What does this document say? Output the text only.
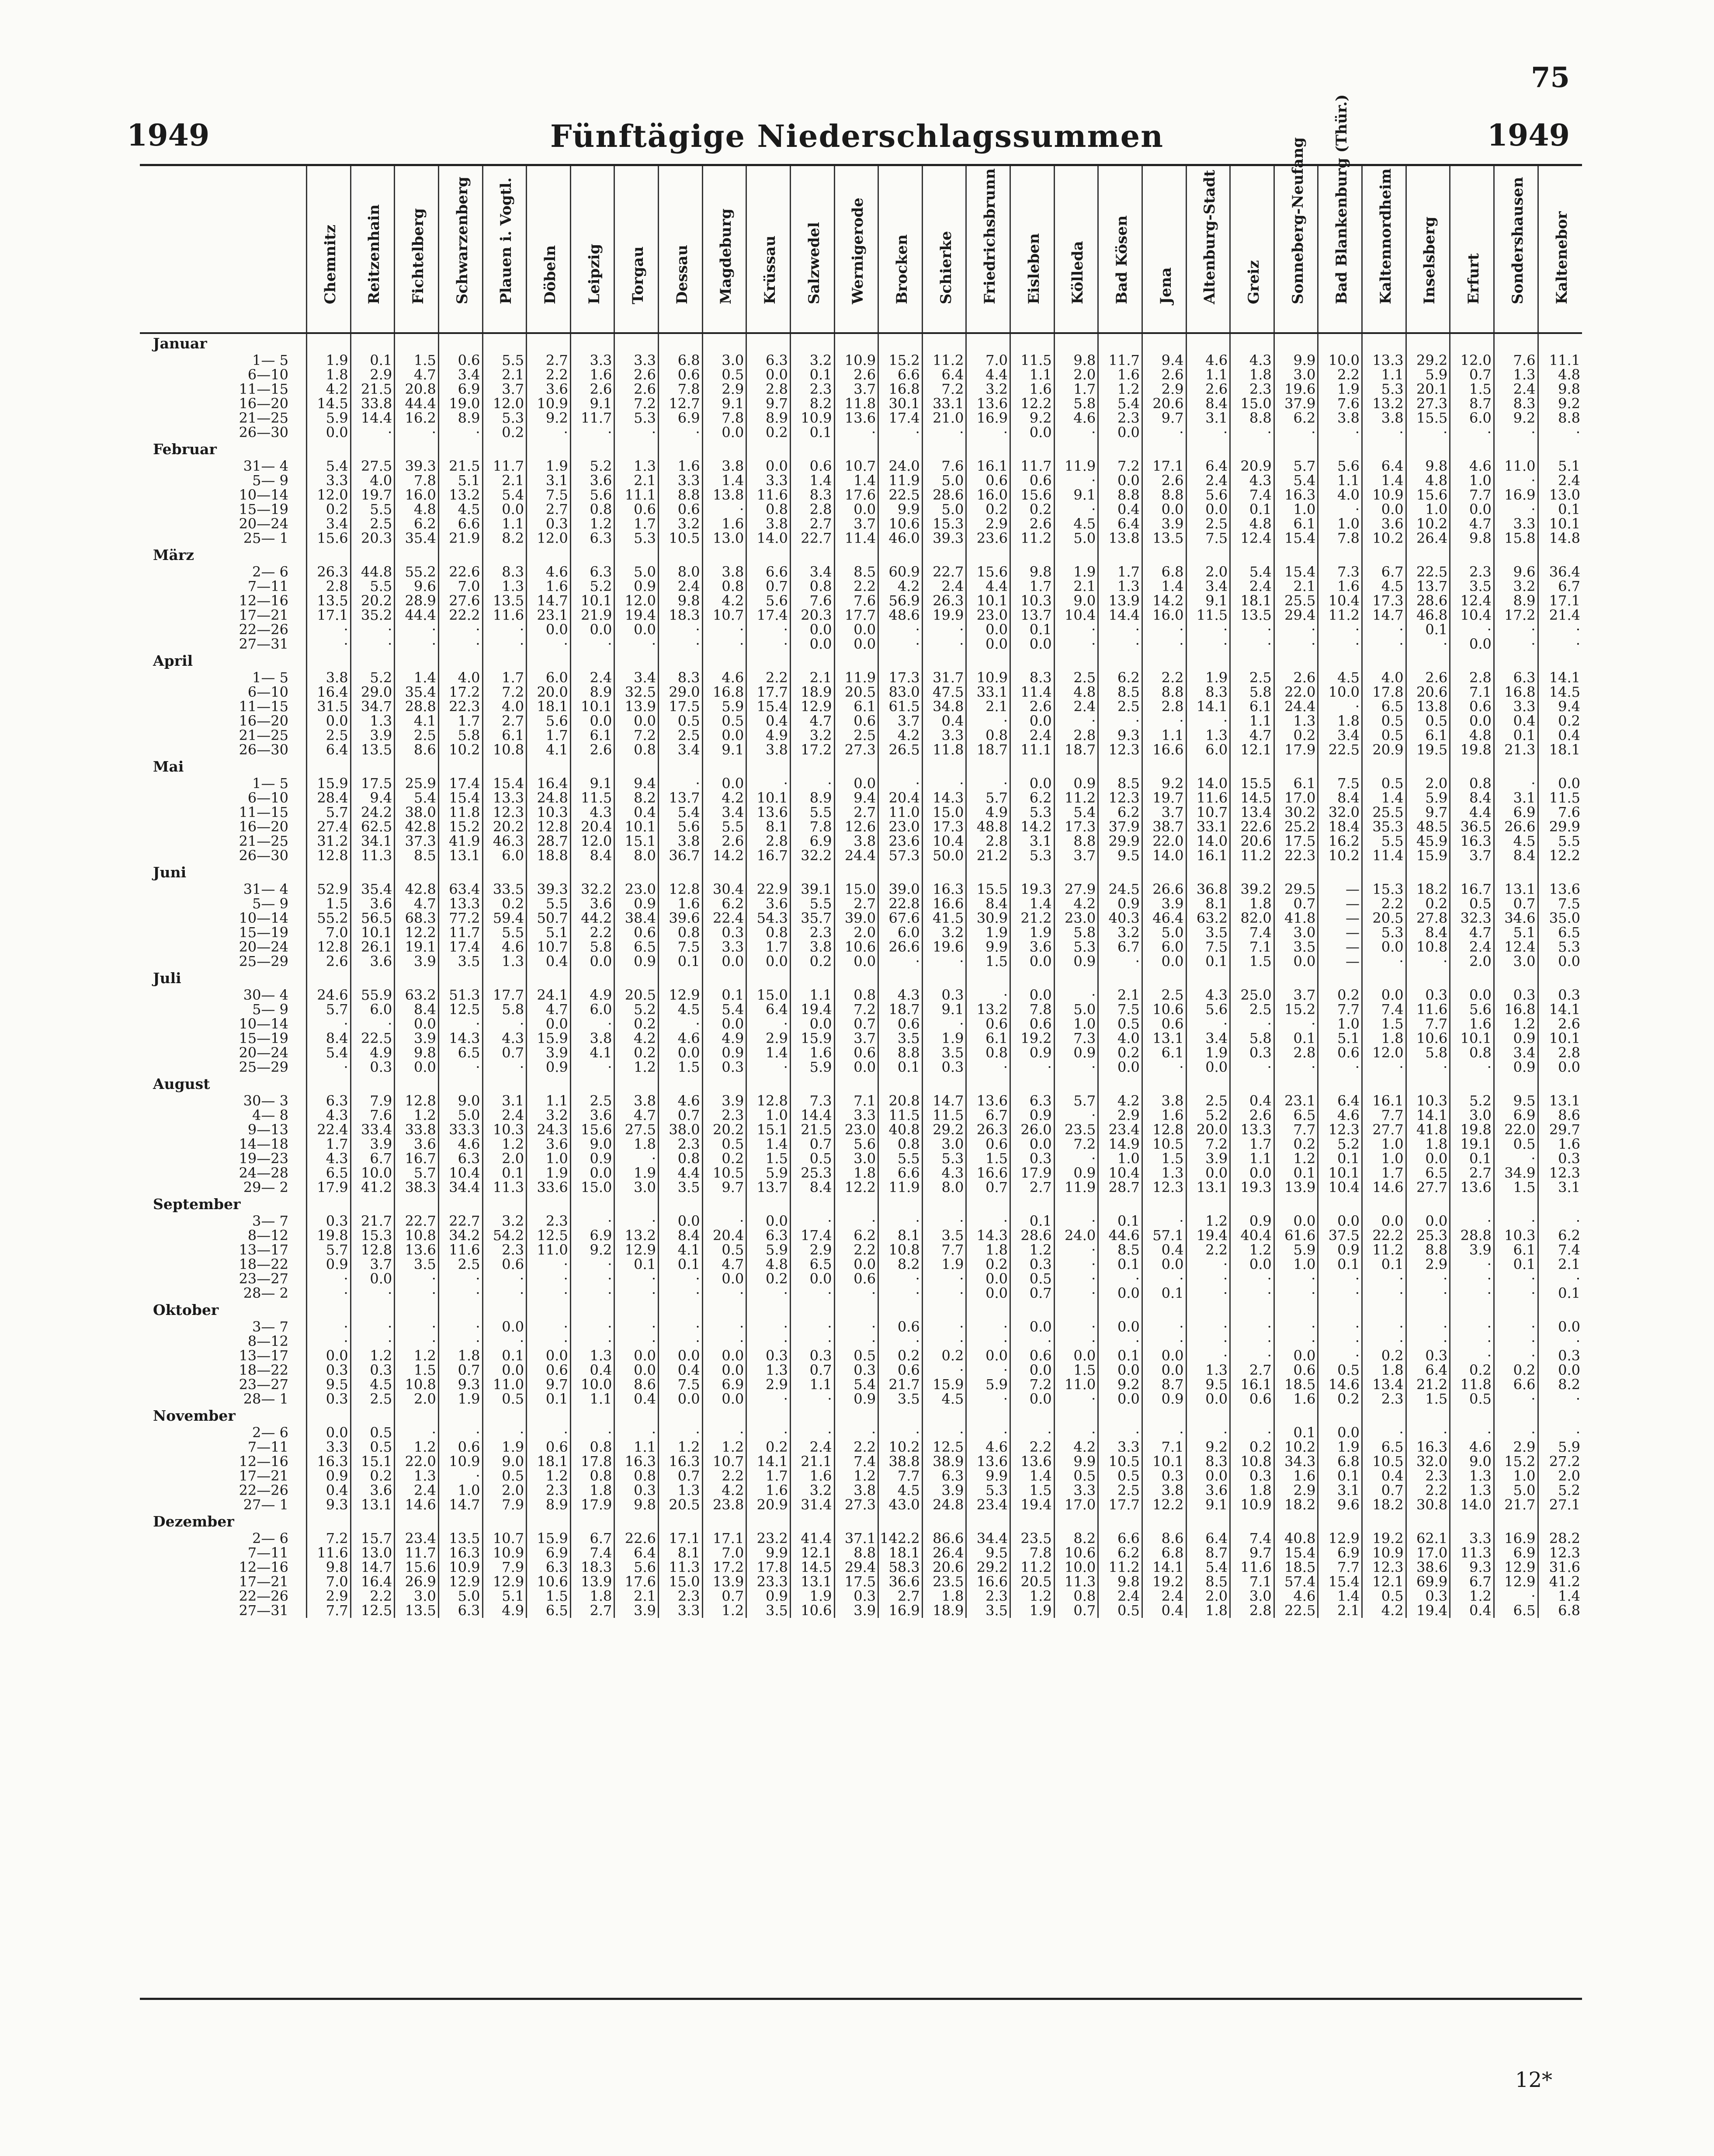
75
1949	Fünftägige Niederschlagssummen	1949

	Chemnitz	Reitzenhain	Fichtelberg	Schwarzenberg	Plauen i. Vogtl.	Döbeln	Leipzig	Torgau	Dessau	Magdeburg	Krüssau	Salzwedel	Wernigerode	Brocken	Schierke	Friedrichsbrunn	Eisleben	Kölleda	Bad Kösen	Jena	Altenburg-Stadt	Greiz	Sonneberg-Neufang	Bad Blankenburg (Thür.)	Kaltennordheim	Inselsberg	Erfurt	Sondershausen	Kaltenebor

Januar																													
1— 5	1.9	0.1	1.5	0.6	5.5	2.7	3.3	3.3	6.8	3.0	6.3	3.2	10.9	15.2	11.2	7.0	11.5	9.8	11.7	9.4	4.6	4.3	9.9	10.0	13.3	29.2	12.0	7.6	11.1
6—10	1.8	2.9	4.7	3.4	2.1	2.2	1.6	2.6	0.6	0.5	0.0	0.1	2.6	6.6	6.4	4.4	1.1	2.0	1.6	2.6	1.1	1.8	3.0	2.2	1.1	5.9	0.7	1.3	4.8
11—15	4.2	21.5	20.8	6.9	3.7	3.6	2.6	2.6	7.8	2.9	2.8	2.3	3.7	16.8	7.2	3.2	1.6	1.7	1.2	2.9	2.6	2.3	19.6	1.9	5.3	20.1	1.5	2.4	9.8
16—20	14.5	33.8	44.4	19.0	12.0	10.9	9.1	7.2	12.7	9.1	9.7	8.2	11.8	30.1	33.1	13.6	12.2	5.8	5.4	20.6	8.4	15.0	37.9	7.6	13.2	27.3	8.7	8.3	9.2
21—25	5.9	14.4	16.2	8.9	5.3	9.2	11.7	5.3	6.9	7.8	8.9	10.9	13.6	17.4	21.0	16.9	9.2	4.6	2.3	9.7	3.1	8.8	6.2	3.8	3.8	15.5	6.0	9.2	8.8
26—30	0.0	·	·	·	0.2	·	·	·	·	0.0	0.2	0.1	·	·	·	·	0.0	·	0.0	·	·	·	·	·	·	·	·	·	·
Februar																													
31— 4	5.4	27.5	39.3	21.5	11.7	1.9	5.2	1.3	1.6	3.8	0.0	0.6	10.7	24.0	7.6	16.1	11.7	11.9	7.2	17.1	6.4	20.9	5.7	5.6	6.4	9.8	4.6	11.0	5.1
5— 9	3.3	4.0	7.8	5.1	2.1	3.1	3.6	2.1	3.3	1.4	3.3	1.4	1.4	11.9	5.0	0.6	0.6	·	0.0	2.6	2.4	4.3	5.4	1.1	1.4	4.8	1.0	·	2.4
10—14	12.0	19.7	16.0	13.2	5.4	7.5	5.6	11.1	8.8	13.8	11.6	8.3	17.6	22.5	28.6	16.0	15.6	9.1	8.8	8.8	5.6	7.4	16.3	4.0	10.9	15.6	7.7	16.9	13.0
15—19	0.2	5.5	4.8	4.5	0.0	2.7	0.8	0.6	0.6	·	0.8	2.8	0.0	9.9	5.0	0.2	0.2	·	0.4	0.0	0.0	0.1	1.0	·	0.0	1.0	0.0	·	0.1
20—24	3.4	2.5	6.2	6.6	1.1	0.3	1.2	1.7	3.2	1.6	3.8	2.7	3.7	10.6	15.3	2.9	2.6	4.5	6.4	3.9	2.5	4.8	6.1	1.0	3.6	10.2	4.7	3.3	10.1
25— 1	15.6	20.3	35.4	21.9	8.2	12.0	6.3	5.3	10.5	13.0	14.0	22.7	11.4	46.0	39.3	23.6	11.2	5.0	13.8	13.5	7.5	12.4	15.4	7.8	10.2	26.4	9.8	15.8	14.8
März																													
2— 6	26.3	44.8	55.2	22.6	8.3	4.6	6.3	5.0	8.0	3.8	6.6	3.4	8.5	60.9	22.7	15.6	9.8	1.9	1.7	6.8	2.0	5.4	15.4	7.3	6.7	22.5	2.3	9.6	36.4
7—11	2.8	5.5	9.6	7.0	1.3	1.6	5.2	0.9	2.4	0.8	0.7	0.8	2.2	4.2	2.4	4.4	1.7	2.1	1.3	1.4	3.4	2.4	2.1	1.6	4.5	13.7	3.5	3.2	6.7
12—16	13.5	20.2	28.9	27.6	13.5	14.7	10.1	12.0	9.8	4.2	5.6	7.6	7.6	56.9	26.3	10.1	10.3	9.0	13.9	14.2	9.1	18.1	25.5	10.4	17.3	28.6	12.4	8.9	17.1
17—21	17.1	35.2	44.4	22.2	11.6	23.1	21.9	19.4	18.3	10.7	17.4	20.3	17.7	48.6	19.9	23.0	13.7	10.4	14.4	16.0	11.5	13.5	29.4	11.2	14.7	46.8	10.4	17.2	21.4
22—26	·	·	·	·	·	0.0	0.0	0.0	·	·	·	0.0	0.0	·	·	0.0	0.1	·	·	·	·	·	·	·	·	0.1	·	·	·
27—31	·	·	·	·	·	·	·	·	·	·	·	0.0	0.0	·	·	0.0	0.0	·	·	·	·	·	·	·	·	·	0.0	·	·
April																													
1— 5	3.8	5.2	1.4	4.0	1.7	6.0	2.4	3.4	8.3	4.6	2.2	2.1	11.9	17.3	31.7	10.9	8.3	2.5	6.2	2.2	1.9	2.5	2.6	4.5	4.0	2.6	2.8	6.3	14.1
6—10	16.4	29.0	35.4	17.2	7.2	20.0	8.9	32.5	29.0	16.8	17.7	18.9	20.5	83.0	47.5	33.1	11.4	4.8	8.5	8.8	8.3	5.8	22.0	10.0	17.8	20.6	7.1	16.8	14.5
11—15	31.5	34.7	28.8	22.3	4.0	18.1	10.1	13.9	17.5	5.9	15.4	12.9	6.1	61.5	34.8	2.1	2.6	2.4	2.5	2.8	14.1	6.1	24.4	·	6.5	13.8	0.6	3.3	9.4
16—20	0.0	1.3	4.1	1.7	2.7	5.6	0.0	0.0	0.5	0.5	0.4	4.7	0.6	3.7	0.4	·	0.0	·	·	·	·	1.1	1.3	1.8	0.5	0.5	0.0	0.4	0.2
21—25	2.5	3.9	2.5	5.8	6.1	1.7	6.1	7.2	2.5	0.0	4.9	3.2	2.5	4.2	3.3	0.8	2.4	2.8	9.3	1.1	1.3	4.7	0.2	3.4	0.5	6.1	4.8	0.1	0.4
26—30	6.4	13.5	8.6	10.2	10.8	4.1	2.6	0.8	3.4	9.1	3.8	17.2	27.3	26.5	11.8	18.7	11.1	18.7	12.3	16.6	6.0	12.1	17.9	22.5	20.9	19.5	19.8	21.3	18.1
Mai																													
1— 5	15.9	17.5	25.9	17.4	15.4	16.4	9.1	9.4	·	0.0	·	·	0.0	·	·	·	0.0	0.9	8.5	9.2	14.0	15.5	6.1	7.5	0.5	2.0	0.8	·	0.0
6—10	28.4	9.4	5.4	15.4	13.3	24.8	11.5	8.2	13.7	4.2	10.1	8.9	9.4	20.4	14.3	5.7	6.2	11.2	12.3	19.7	11.6	14.5	17.0	8.4	1.4	5.9	8.4	3.1	11.5
11—15	5.7	24.2	38.0	11.8	12.3	10.3	4.3	0.4	5.4	3.4	13.6	5.5	2.7	11.0	15.0	4.9	5.3	5.4	6.2	3.7	10.7	13.4	30.2	32.0	25.5	9.7	4.4	6.9	7.6
16—20	27.4	62.5	42.8	15.2	20.2	12.8	20.4	10.1	5.6	5.5	8.1	7.8	12.6	23.0	17.3	48.8	14.2	17.3	37.9	38.7	33.1	22.6	25.2	18.4	35.3	48.5	36.5	26.6	29.9
21—25	31.2	34.1	37.3	41.9	46.3	28.7	12.0	15.1	3.8	2.6	2.8	6.9	3.8	23.6	10.4	2.8	3.1	8.8	29.9	22.0	14.0	20.6	17.5	16.2	5.5	45.9	16.3	4.5	5.5
26—30	12.8	11.3	8.5	13.1	6.0	18.8	8.4	8.0	36.7	14.2	16.7	32.2	24.4	57.3	50.0	21.2	5.3	3.7	9.5	14.0	16.1	11.2	22.3	10.2	11.4	15.9	3.7	8.4	12.2
Juni																													
31— 4	52.9	35.4	42.8	63.4	33.5	39.3	32.2	23.0	12.8	30.4	22.9	39.1	15.0	39.0	16.3	15.5	19.3	27.9	24.5	26.6	36.8	39.2	29.5	—	15.3	18.2	16.7	13.1	13.6
5— 9	1.5	3.6	4.7	13.3	0.2	5.5	3.6	0.9	1.6	6.2	3.6	5.5	2.7	22.8	16.6	8.4	1.4	4.2	0.9	3.9	8.1	1.8	0.7	—	2.2	0.2	0.5	0.7	7.5
10—14	55.2	56.5	68.3	77.2	59.4	50.7	44.2	38.4	39.6	22.4	54.3	35.7	39.0	67.6	41.5	30.9	21.2	23.0	40.3	46.4	63.2	82.0	41.8	—	20.5	27.8	32.3	34.6	35.0
15—19	7.0	10.1	12.2	11.7	5.5	5.1	2.2	0.6	0.8	0.3	0.8	2.3	2.0	6.0	3.2	1.9	1.9	5.8	3.2	5.0	3.5	7.4	3.0	—	5.3	8.4	4.7	5.1	6.5
20—24	12.8	26.1	19.1	17.4	4.6	10.7	5.8	6.5	7.5	3.3	1.7	3.8	10.6	26.6	19.6	9.9	3.6	5.3	6.7	6.0	7.5	7.1	3.5	—	0.0	10.8	2.4	12.4	5.3
25—29	2.6	3.6	3.9	3.5	1.3	0.4	0.0	0.9	0.1	0.0	0.0	0.2	0.0	·	·	1.5	0.0	0.9	·	0.0	0.1	1.5	0.0	—	·	·	2.0	3.0	0.0
Juli																													
30— 4	24.6	55.9	63.2	51.3	17.7	24.1	4.9	20.5	12.9	0.1	15.0	1.1	0.8	4.3	0.3	·	0.0	·	2.1	2.5	4.3	25.0	3.7	0.2	0.0	0.3	0.0	0.3	0.3
5— 9	5.7	6.0	8.4	12.5	5.8	4.7	6.0	5.2	4.5	5.4	6.4	19.4	7.2	18.7	9.1	13.2	7.8	5.0	7.5	10.6	5.6	2.5	15.2	7.7	7.4	11.6	5.6	16.8	14.1
10—14	·	·	0.0	·	·	0.0	·	0.2	·	0.0	·	0.0	0.7	0.6	·	0.6	0.6	1.0	0.5	0.6	·	·	·	1.0	1.5	7.7	1.6	1.2	2.6
15—19	8.4	22.5	3.9	14.3	4.3	15.9	3.8	4.2	4.6	4.9	2.9	15.9	3.7	3.5	1.9	6.1	19.2	7.3	4.0	13.1	3.4	5.8	0.1	5.1	1.8	10.6	10.1	0.9	10.1
20—24	5.4	4.9	9.8	6.5	0.7	3.9	4.1	0.2	0.0	0.9	1.4	1.6	0.6	8.8	3.5	0.8	0.9	0.9	0.2	6.1	1.9	0.3	2.8	0.6	12.0	5.8	0.8	3.4	2.8
25—29	·	0.3	0.0	·	·	0.9	·	1.2	1.5	0.3	·	5.9	0.0	0.1	0.3	·	·	·	0.0	·	0.0	·	·	·	·	·	·	0.9	0.0
August																													
30— 3	6.3	7.9	12.8	9.0	3.1	1.1	2.5	3.8	4.6	3.9	12.8	7.3	7.1	20.8	14.7	13.6	6.3	5.7	4.2	3.8	2.5	0.4	23.1	6.4	16.1	10.3	5.2	9.5	13.1
4— 8	4.3	7.6	1.2	5.0	2.4	3.2	3.6	4.7	0.7	2.3	1.0	14.4	3.3	11.5	11.5	6.7	0.9	·	2.9	1.6	5.2	2.6	6.5	4.6	7.7	14.1	3.0	6.9	8.6
9—13	22.4	33.4	33.8	33.3	10.3	24.3	15.6	27.5	38.0	20.2	15.1	21.5	23.0	40.8	29.2	26.3	26.0	23.5	23.4	12.8	20.0	13.3	7.7	12.3	27.7	41.8	19.8	22.0	29.7
14—18	1.7	3.9	3.6	4.6	1.2	3.6	9.0	1.8	2.3	0.5	1.4	0.7	5.6	0.8	3.0	0.6	0.0	7.2	14.9	10.5	7.2	1.7	0.2	5.2	1.0	1.8	19.1	0.5	1.6
19—23	4.3	6.7	16.7	6.3	2.0	1.0	0.9	·	0.8	0.2	1.5	0.5	3.0	5.5	5.3	1.5	0.3	·	1.0	1.5	3.9	1.1	1.2	0.1	1.0	0.0	0.1	·	0.3
24—28	6.5	10.0	5.7	10.4	0.1	1.9	0.0	1.9	4.4	10.5	5.9	25.3	1.8	6.6	4.3	16.6	17.9	0.9	10.4	1.3	0.0	0.0	0.1	10.1	1.7	6.5	2.7	34.9	12.3
29— 2	17.9	41.2	38.3	34.4	11.3	33.6	15.0	3.0	3.5	9.7	13.7	8.4	12.2	11.9	8.0	0.7	2.7	11.9	28.7	12.3	13.1	19.3	13.9	10.4	14.6	27.7	13.6	1.5	3.1
September																													
3— 7	0.3	21.7	22.7	22.7	3.2	2.3	·	·	0.0	·	0.0	·	·	·	·	·	0.1	·	0.1	·	1.2	0.9	0.0	0.0	0.0	0.0	·	·	·
8—12	19.8	15.3	10.8	34.2	54.2	12.5	6.9	13.2	8.4	20.4	6.3	17.4	6.2	8.1	3.5	14.3	28.6	24.0	44.6	57.1	19.4	40.4	61.6	37.5	22.2	25.3	28.8	10.3	6.2
13—17	5.7	12.8	13.6	11.6	2.3	11.0	9.2	12.9	4.1	0.5	5.9	2.9	2.2	10.8	7.7	1.8	1.2	·	8.5	0.4	2.2	1.2	5.9	0.9	11.2	8.8	3.9	6.1	7.4
18—22	0.9	3.7	3.5	2.5	0.6	·	·	0.1	0.1	4.7	4.8	6.5	0.0	8.2	1.9	0.2	0.3	·	0.1	0.0	·	0.0	1.0	0.1	0.1	2.9	·	0.1	2.1
23—27	·	0.0	·	·	·	·	·	·	·	0.0	0.2	0.0	0.6	·	·	0.0	0.5	·	·	·	·	·	·	·	·	·	·	·	·
28— 2	·	·	·	·	·	·	·	·	·	·	·	·	·	·	·	0.0	0.7	·	0.0	0.1	·	·	·	·	·	·	·	·	0.1
Oktober																													
3— 7	·	·	·	·	0.0	·	·	·	·	·	·	·	·	0.6	·	·	0.0	·	0.0	·	·	·	·	·	·	·	·	·	0.0
8—12	·	·	·	·	·	·	·	·	·	·	·	·	·	·	·	·	·	·	·	·	·	·	·	·	·	·	·	·	·
13—17	0.0	1.2	1.2	1.8	0.1	0.0	1.3	0.0	0.0	0.0	0.3	0.3	0.5	0.2	0.2	0.0	0.6	0.0	0.1	0.0	·	·	0.0	·	0.2	0.3	·	·	0.3
18—22	0.3	0.3	1.5	0.7	0.0	0.6	0.4	0.0	0.4	0.0	1.3	0.7	0.3	0.6	·	·	0.0	1.5	0.0	0.0	1.3	2.7	0.6	0.5	1.8	6.4	0.2	0.2	0.0
23—27	9.5	4.5	10.8	9.3	11.0	9.7	10.0	8.6	7.5	6.9	2.9	1.1	5.4	21.7	15.9	5.9	7.2	11.0	9.2	8.7	9.5	16.1	18.5	14.6	13.4	21.2	11.8	6.6	8.2
28— 1	0.3	2.5	2.0	1.9	0.5	0.1	1.1	0.4	0.0	0.0	·	·	0.9	3.5	4.5	·	0.0	·	0.0	0.9	0.0	0.6	1.6	0.2	2.3	1.5	0.5	·	·
November																													
2— 6	0.0	0.5	·	·	·	·	·	·	·	·	·	·	·	·	·	·	·	·	·	·	·	·	0.1	0.0	·	·	·	·	·
7—11	3.3	0.5	1.2	0.6	1.9	0.6	0.8	1.1	1.2	1.2	0.2	2.4	2.2	10.2	12.5	4.6	2.2	4.2	3.3	7.1	9.2	0.2	10.2	1.9	6.5	16.3	4.6	2.9	5.9
12—16	16.3	15.1	22.0	10.9	9.0	18.1	17.8	16.3	16.3	10.7	14.1	21.1	7.4	38.8	38.9	13.6	13.6	9.9	10.5	10.1	8.3	10.8	34.3	6.8	10.5	32.0	9.0	15.2	27.2
17—21	0.9	0.2	1.3	·	0.5	1.2	0.8	0.8	0.7	2.2	1.7	1.6	1.2	7.7	6.3	9.9	1.4	0.5	0.5	0.3	0.0	0.3	1.6	0.1	0.4	2.3	1.3	1.0	2.0
22—26	0.4	3.6	2.4	1.0	2.0	2.3	1.8	0.3	1.3	4.2	1.6	3.2	3.8	4.5	3.9	5.3	1.5	3.3	2.5	3.8	3.6	1.8	2.9	3.1	0.7	2.2	1.3	5.0	5.2
27— 1	9.3	13.1	14.6	14.7	7.9	8.9	17.9	9.8	20.5	23.8	20.9	31.4	27.3	43.0	24.8	23.4	19.4	17.0	17.7	12.2	9.1	10.9	18.2	9.6	18.2	30.8	14.0	21.7	27.1
Dezember																													
2— 6	7.2	15.7	23.4	13.5	10.7	15.9	6.7	22.6	17.1	17.1	23.2	41.4	37.1	142.2	86.6	34.4	23.5	8.2	6.6	8.6	6.4	7.4	40.8	12.9	19.2	62.1	3.3	16.9	28.2
7—11	11.6	13.0	11.7	16.3	10.9	6.9	7.4	6.4	8.1	7.0	9.9	12.1	8.8	18.1	26.4	9.5	7.8	10.6	6.2	6.8	8.7	9.7	15.4	6.9	10.9	17.0	11.3	6.9	12.3
12—16	9.8	14.7	15.6	10.9	7.9	6.3	18.3	5.6	11.3	17.2	17.8	14.5	29.4	58.3	20.6	29.2	11.2	10.0	11.2	14.1	5.4	11.6	18.5	7.7	12.3	38.6	9.3	12.9	31.6
17—21	7.0	16.4	26.9	12.9	12.9	10.6	13.9	17.6	15.0	13.9	23.3	13.1	17.5	36.6	23.5	16.6	20.5	11.3	9.8	19.2	8.5	7.1	57.4	15.4	12.1	69.9	6.7	12.9	41.2
22—26	2.9	2.2	3.0	5.0	5.1	1.5	1.8	2.1	2.3	0.7	0.9	1.9	0.3	2.7	1.8	2.3	1.2	0.8	2.4	2.4	2.0	3.0	4.6	1.4	0.5	0.3	1.2	·	1.4
27—31	7.7	12.5	13.5	6.3	4.9	6.5	2.7	3.9	3.3	1.2	3.5	10.6	3.9	16.9	18.9	3.5	1.9	0.7	0.5	0.4	1.8	2.8	22.5	2.1	4.2	19.4	0.4	6.5	6.8
12*
